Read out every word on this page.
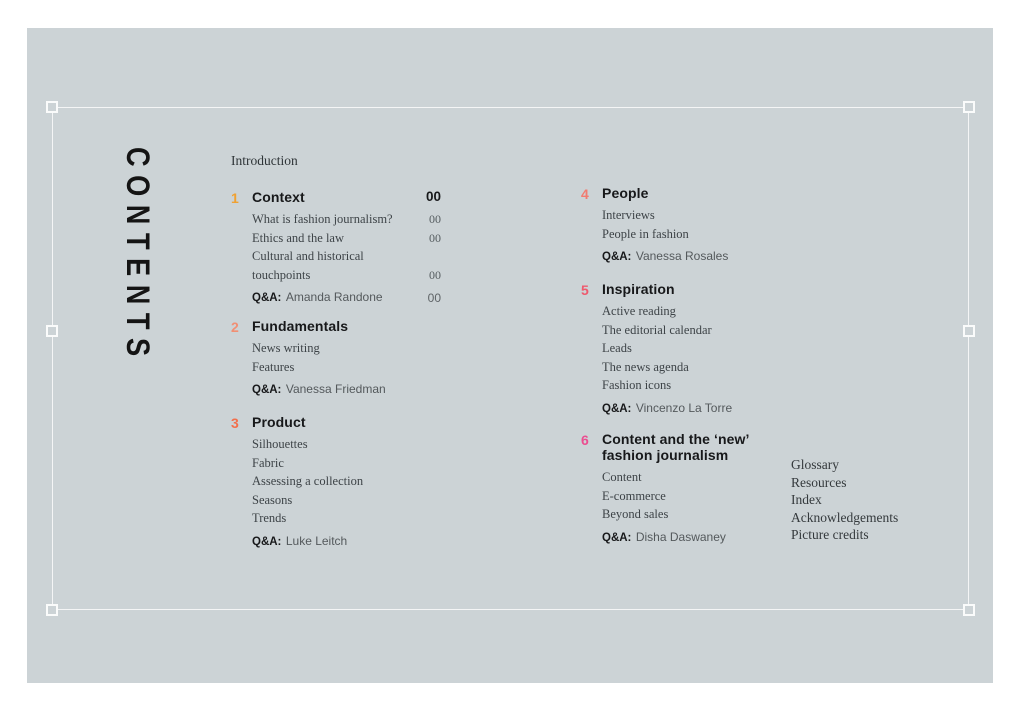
CONTENTS	Introduction
1 Context	00
What is fashion journalism?	00
Ethics and the law	00
Cultural and historical touchpoints	00
Q&A: Amanda Randone	00
2 Fundamentals
News writing
Features
Q&A: Vanessa Friedman
3 Product
Silhouettes
Fabric
Assessing a collection
Seasons
Trends
Q&A: Luke Leitch
4 People
Interviews
People in fashion
Q&A: Vanessa Rosales
5 Inspiration
Active reading
The editorial calendar
Leads
The news agenda
Fashion icons
Q&A: Vincenzo La Torre
6 Content and the ‘new’ fashion journalism
Content
E-commerce
Beyond sales
Q&A: Disha Daswaney
Glossary
Resources
Index
Acknowledgements
Picture credits
